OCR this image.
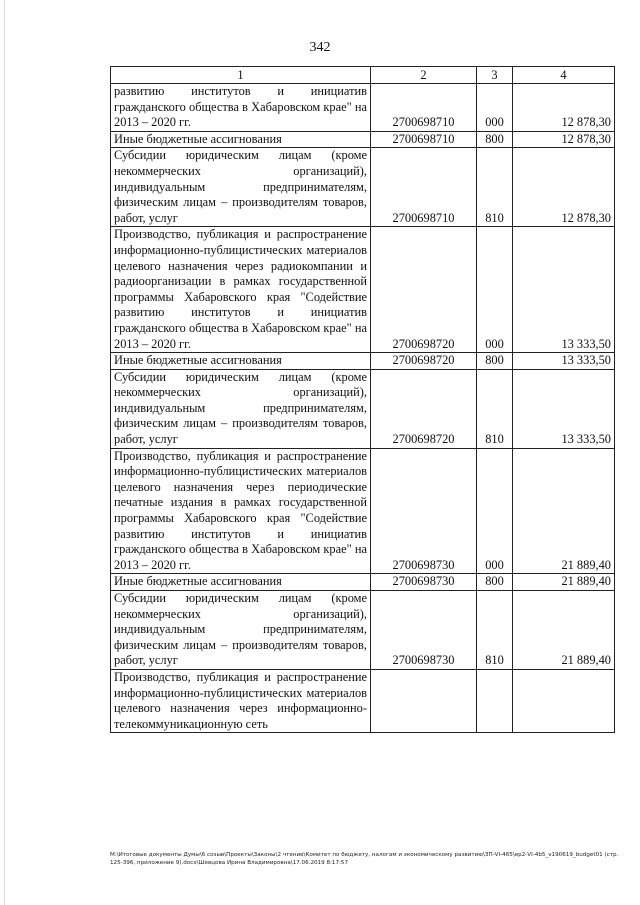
342
1	2	3	4
развитию институтов и инициатив гражданского общества в Хабаровском крае" на 2013 – 2020 гг.	2700698710	000	12 878,30
Иные бюджетные ассигнования	2700698710	800	12 878,30
Субсидии юридическим лицам (кроме некоммерческих организаций), индивидуальным предпринимателям, физическим лицам – производителям товаров, работ, услуг	2700698710	810	12 878,30
Производство, публикация и распространение информационно-публицистических материалов целевого назначения через радиокомпании и радиоорганизации в рамках государственной программы Хабаровского края "Содействие развитию институтов и инициатив гражданского общества в Хабаровском крае" на 2013 – 2020 гг.	2700698720	000	13 333,50
Иные бюджетные ассигнования	2700698720	800	13 333,50
Субсидии юридическим лицам (кроме некоммерческих организаций), индивидуальным предпринимателям, физическим лицам – производителям товаров, работ, услуг	2700698720	810	13 333,50
Производство, публикация и распространение информационно-публицистических материалов целевого назначения через периодические печатные издания в рамках государственной программы Хабаровского края "Содействие развитию институтов и инициатив гражданского общества в Хабаровском крае" на 2013 – 2020 гг.	2700698730	000	21 889,40
Иные бюджетные ассигнования	2700698730	800	21 889,40
Субсидии юридическим лицам (кроме некоммерческих организаций), индивидуальным предпринимателям, физическим лицам – производителям товаров, работ, услуг	2700698730	810	21 889,40
Производство, публикация и распространение информационно-публицистических материалов целевого назначения через информационно-телекоммуникационную сеть			
M:\Итоговые документы Думы\6 созыв\Проекты\Законы\2 чтение\Комитет по бюджету, налогам и экономическому развитию\ЗП-VI-465\ер2-VI-4b5_v190619_budget01 (стр.125-396, приложение 9).docx\Шевцова Ирина Владимировна\17.06.2019 8:17:57
